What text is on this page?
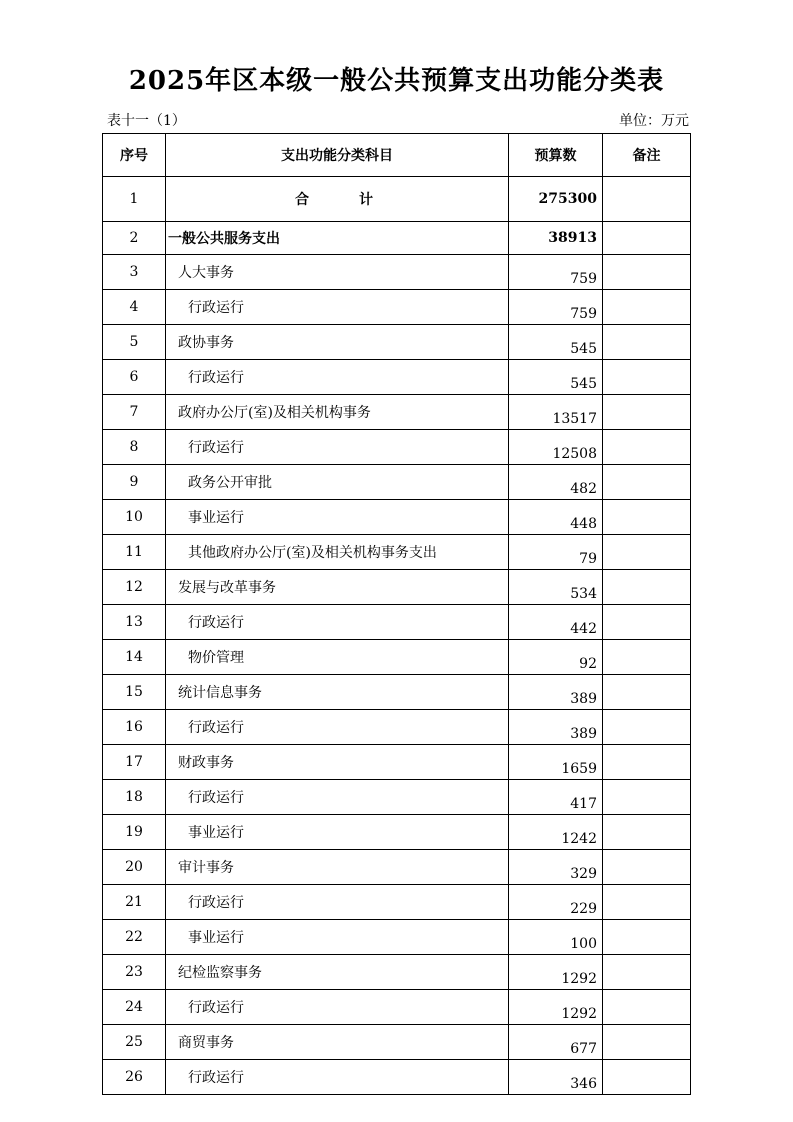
2025年区本级一般公共预算支出功能分类表
表十一（1）	单位：万元
序号	支出功能分类科目	预算数	备注
1	合　计	275300	
2	一般公共服务支出	38913	
3	人大事务	759	
4	行政运行	759	
5	政协事务	545	
6	行政运行	545	
7	政府办公厅(室)及相关机构事务	13517	
8	行政运行	12508	
9	政务公开审批	482	
10	事业运行	448	
11	其他政府办公厅(室)及相关机构事务支出	79	
12	发展与改革事务	534	
13	行政运行	442	
14	物价管理	92	
15	统计信息事务	389	
16	行政运行	389	
17	财政事务	1659	
18	行政运行	417	
19	事业运行	1242	
20	审计事务	329	
21	行政运行	229	
22	事业运行	100	
23	纪检监察事务	1292	
24	行政运行	1292	
25	商贸事务	677	
26	行政运行	346	
